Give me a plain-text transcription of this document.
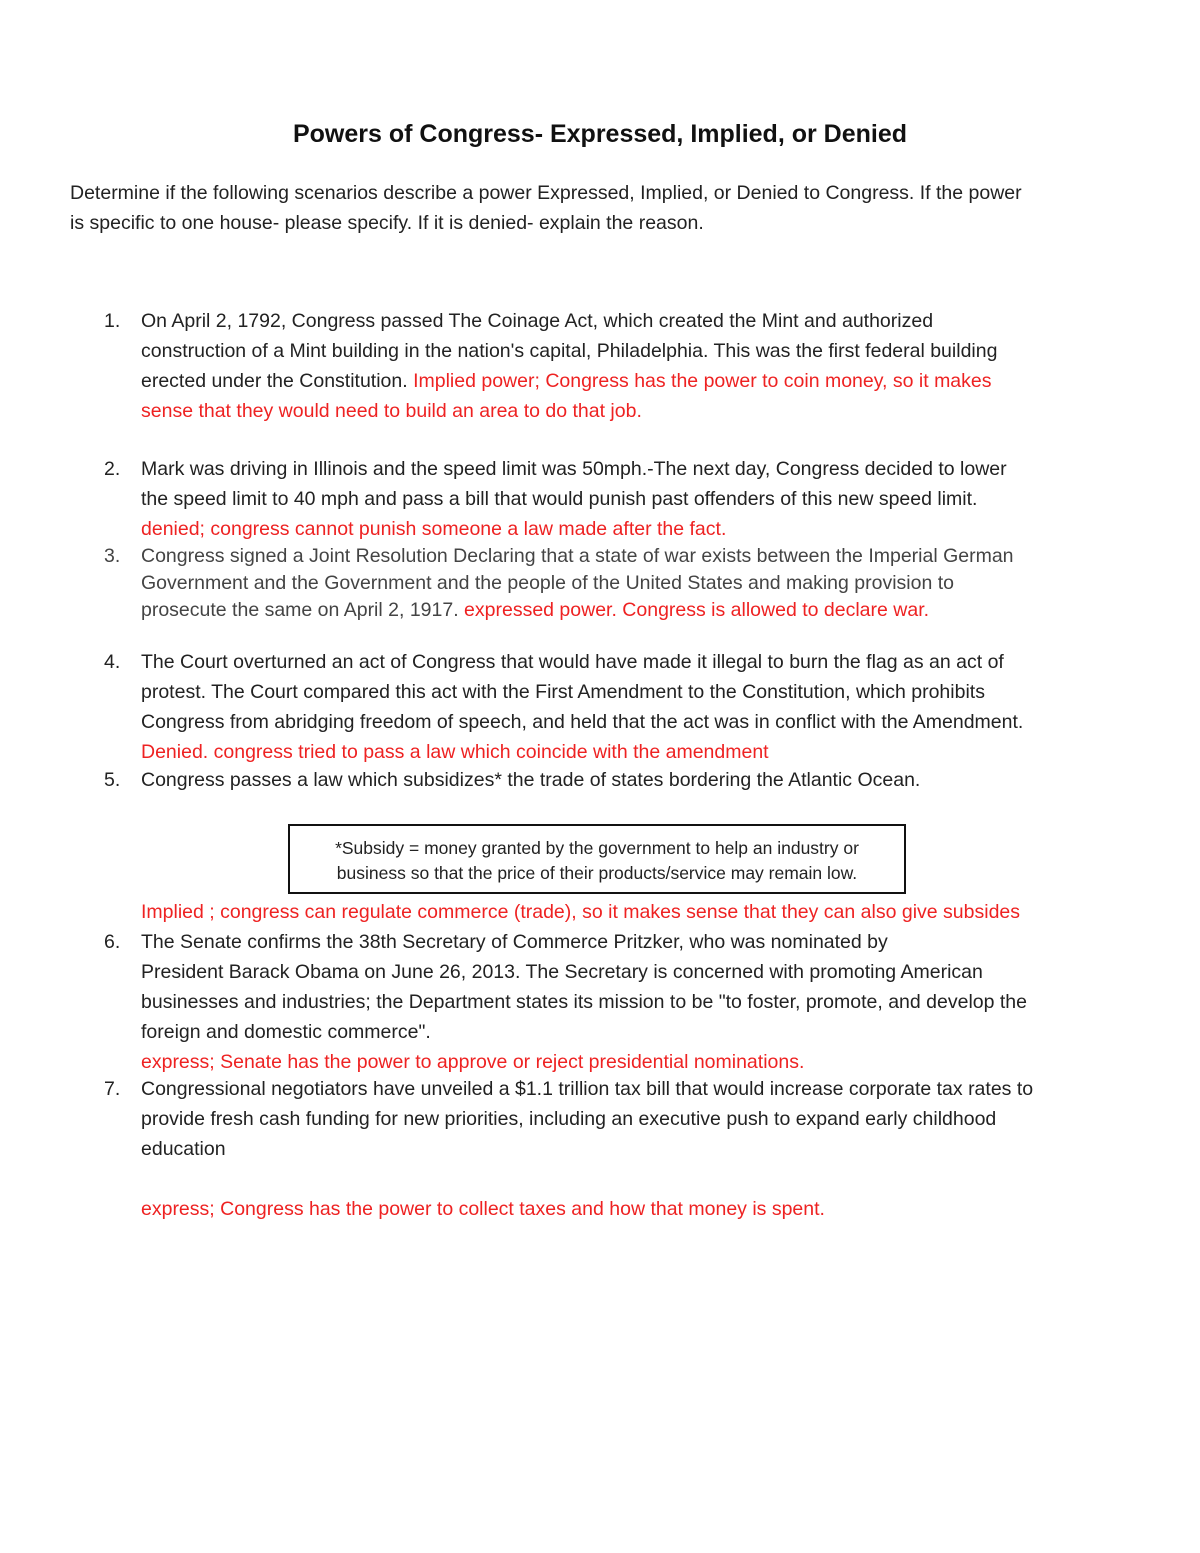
Powers of Congress- Expressed, Implied, or Denied
Determine if the following scenarios describe a power Expressed, Implied, or Denied to Congress. If the power
is specific to one house- please specify. If it is denied- explain the reason.
1.	On April 2, 1792, Congress passed The Coinage Act, which created the Mint and authorized
construction of a Mint building in the nation's capital, Philadelphia. This was the first federal building
erected under the Constitution. Implied power; Congress has the power to coin money, so it makes
sense that they would need to build an area to do that job.
2.	Mark was driving in Illinois and the speed limit was 50mph.-The next day, Congress decided to lower
the speed limit to 40 mph and pass a bill that would punish past offenders of this new speed limit.
denied; congress cannot punish someone a law made after the fact.
3.	Congress signed a Joint Resolution Declaring that a state of war exists between the Imperial German
Government and the Government and the people of the United States and making provision to
prosecute the same on April 2, 1917. expressed power. Congress is allowed to declare war.
4.	The Court overturned an act of Congress that would have made it illegal to burn the flag as an act of
protest. The Court compared this act with the First Amendment to the Constitution, which prohibits
Congress from abridging freedom of speech, and held that the act was in conflict with the Amendment.
Denied. congress tried to pass a law which coincide with the amendment
5.	Congress passes a law which subsidizes* the trade of states bordering the Atlantic Ocean.
*Subsidy = money granted by the government to help an industry or
business so that the price of their products/service may remain low.
Implied ; congress can regulate commerce (trade), so it makes sense that they can also give subsides
6.	The Senate confirms the 38th Secretary of Commerce Pritzker, who was nominated by
President Barack Obama on June 26, 2013. The Secretary is concerned with promoting American
businesses and industries; the Department states its mission to be "to foster, promote, and develop the
foreign and domestic commerce".
express; Senate has the power to approve or reject presidential nominations.
7.	Congressional negotiators have unveiled a $1.1 trillion tax bill that would increase corporate tax rates to
provide fresh cash funding for new priorities, including an executive push to expand early childhood
education
express; Congress has the power to collect taxes and how that money is spent.
